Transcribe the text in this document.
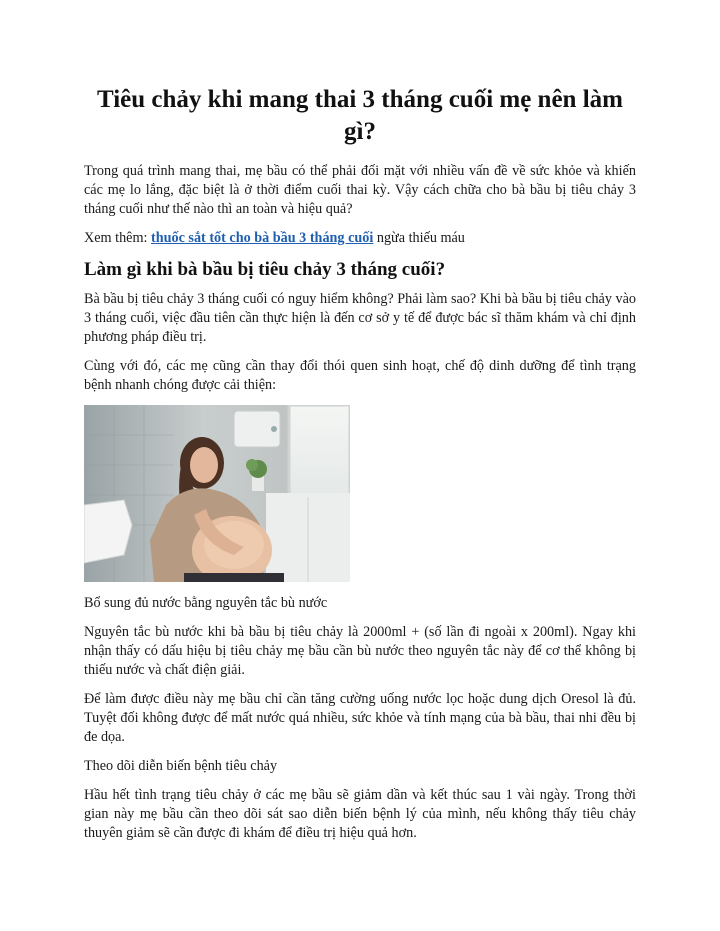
Tiêu chảy khi mang thai 3 tháng cuối mẹ nên làm gì?

Trong quá trình mang thai, mẹ bầu có thể phải đối mặt với nhiều vấn đề về sức khỏe và khiến các mẹ lo lắng, đặc biệt là ở thời điểm cuối thai kỳ. Vậy cách chữa cho bà bầu bị tiêu chảy 3 tháng cuối như thế nào thì an toàn và hiệu quả?

Xem thêm: thuốc sắt tốt cho bà bầu 3 tháng cuối ngừa thiếu máu

Làm gì khi bà bầu bị tiêu chảy 3 tháng cuối?

Bà bầu bị tiêu chảy 3 tháng cuối có nguy hiểm không? Phải làm sao? Khi bà bầu bị tiêu chảy vào 3 tháng cuối, việc đầu tiên cần thực hiện là đến cơ sở y tế để được bác sĩ thăm khám và chỉ định phương pháp điều trị.

Cùng với đó, các mẹ cũng cần thay đổi thói quen sinh hoạt, chế độ dinh dưỡng để tình trạng bệnh nhanh chóng được cải thiện:

Bổ sung đủ nước bằng nguyên tắc bù nước

Nguyên tắc bù nước khi bà bầu bị tiêu chảy là 2000ml + (số lần đi ngoài x 200ml). Ngay khi nhận thấy có dấu hiệu bị tiêu chảy mẹ bầu cần bù nước theo nguyên tắc này để cơ thể không bị thiếu nước và chất điện giải.

Để làm được điều này mẹ bầu chỉ cần tăng cường uống nước lọc hoặc dung dịch Oresol là đủ. Tuyệt đối không được để mất nước quá nhiều, sức khỏe và tính mạng của bà bầu, thai nhi đều bị đe dọa.

Theo dõi diễn biến bệnh tiêu chảy

Hầu hết tình trạng tiêu chảy ở các mẹ bầu sẽ giảm dần và kết thúc sau 1 vài ngày. Trong thời gian này mẹ bầu cần theo dõi sát sao diễn biến bệnh lý của mình, nếu không thấy tiêu chảy thuyên giảm sẽ cần được đi khám để điều trị hiệu quả hơn.
